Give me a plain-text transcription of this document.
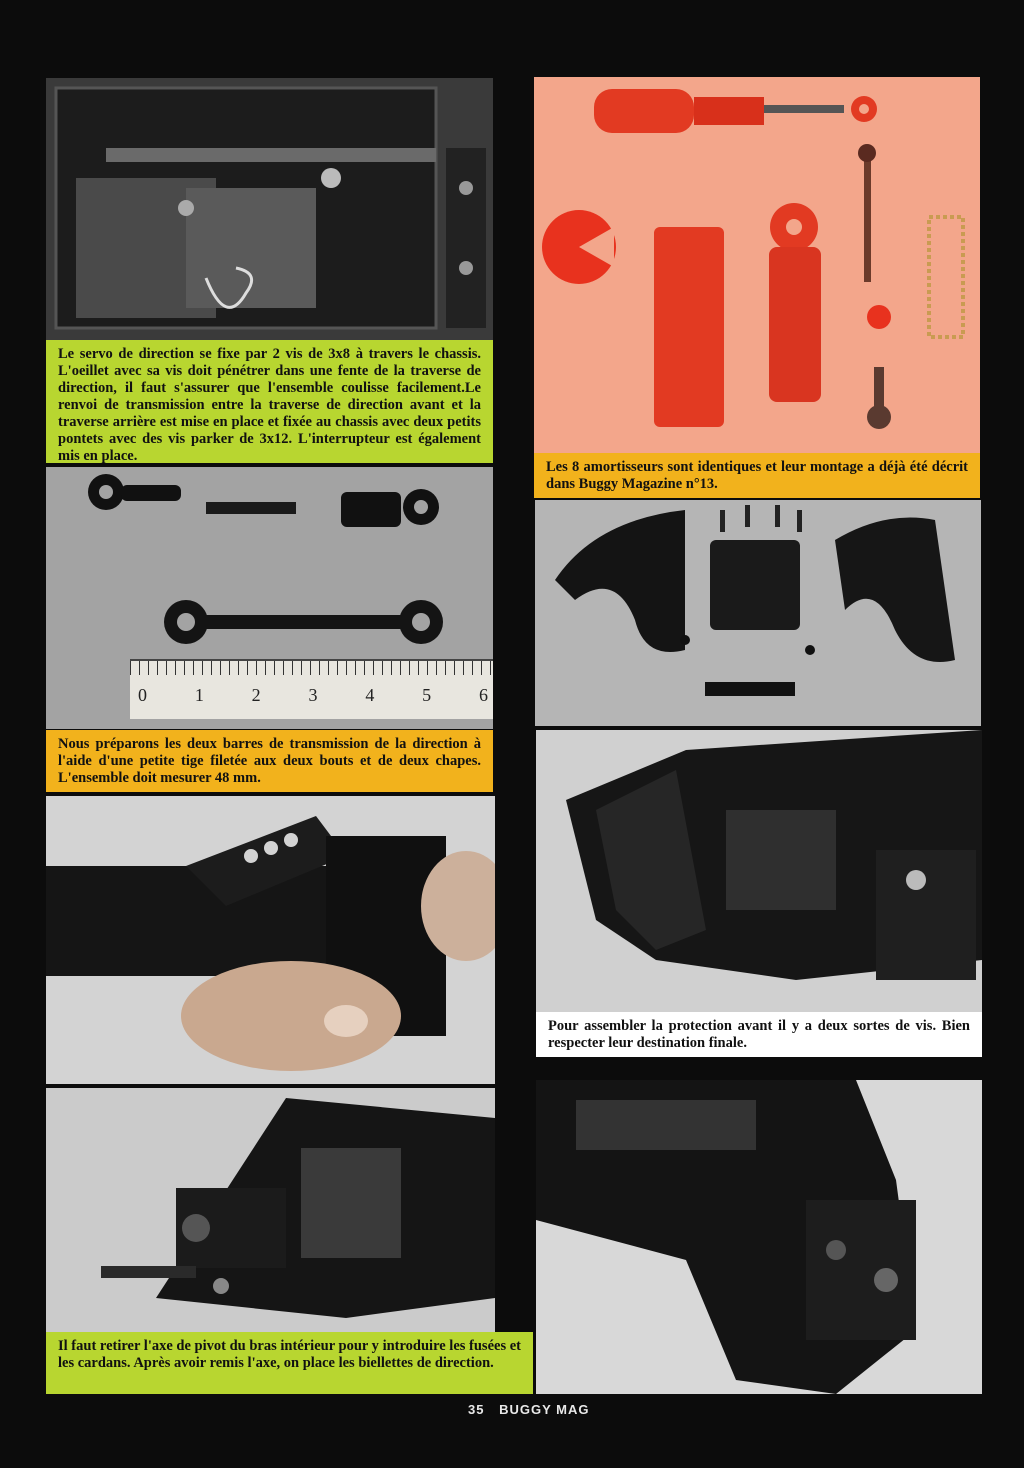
Le servo de direction se fixe par 2 vis de 3x8 à travers le chassis. L'oeillet avec sa vis doit pénétrer dans une fente de la traverse de direction, il faut s'assurer que l'ensemble coulisse facilement.Le renvoi de transmission entre la traverse de direction avant et la traverse arrière est mise en place et fixée au chassis avec deux petits pontets avec des vis parker de 3x12. L'interrupteur est également mis en place.
0	1	2	3	4	5	6
Nous préparons les deux barres de transmission de la direction à l'aide d'une petite tige filetée aux deux bouts et de deux chapes. L'ensemble doit mesurer 48 mm.
Il faut retirer l'axe de pivot du bras intérieur pour y introduire les fusées et les cardans. Après avoir remis l'axe, on place les biellettes de direction.
Les 8 amortisseurs sont identiques et leur montage a déjà été décrit dans Buggy Magazine n°13.
Pour assembler la protection avant il y a deux sortes de vis. Bien respecter leur destination finale.
35 BUGGY MAG
